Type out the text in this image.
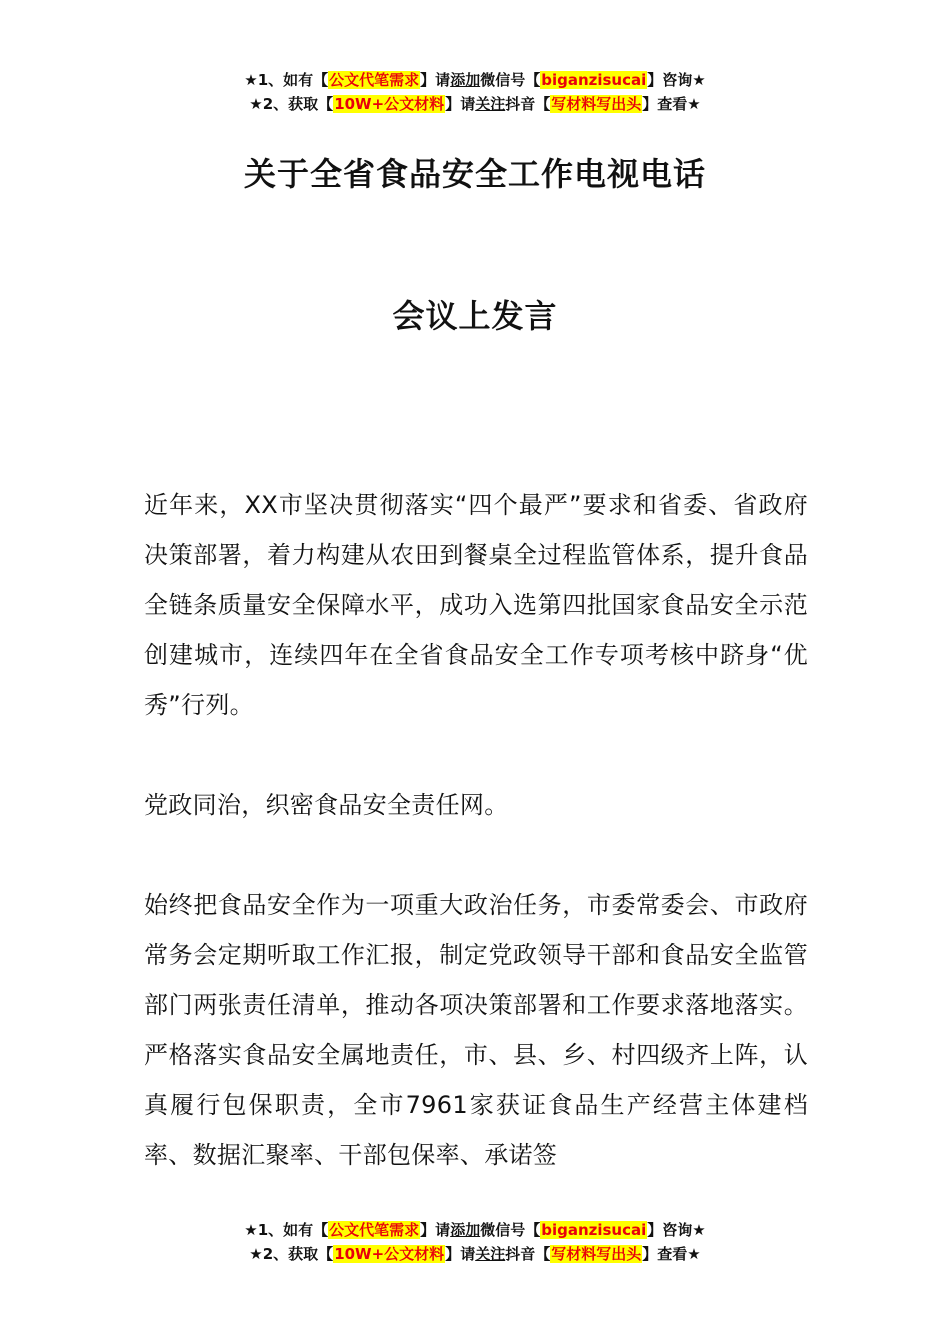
★1、如有【公文代笔需求】请添加微信号【biganzisucai】咨询★
★2、获取【10W+公文材料】请关注抖音【写材料写出头】查看★
关于全省食品安全工作电视电话
会议上发言
近年来，XX市坚决贯彻落实“四个最严”要求和省委、省政府决策部署，着力构建从农田到餐桌全过程监管体系，提升食品全链条质量安全保障水平，成功入选第四批国家食品安全示范创建城市，连续四年在全省食品安全工作专项考核中跻身“优秀”行列。
党政同治，织密食品安全责任网。
始终把食品安全作为一项重大政治任务，市委常委会、市政府常务会定期听取工作汇报，制定党政领导干部和食品安全监管部门两张责任清单，推动各项决策部署和工作要求落地落实。严格落实食品安全属地责任，市、县、乡、村四级齐上阵，认真履行包保职责，全市7961家获证食品生产经营主体建档率、数据汇聚率、干部包保率、承诺签
★1、如有【公文代笔需求】请添加微信号【biganzisucai】咨询★
★2、获取【10W+公文材料】请关注抖音【写材料写出头】查看★
